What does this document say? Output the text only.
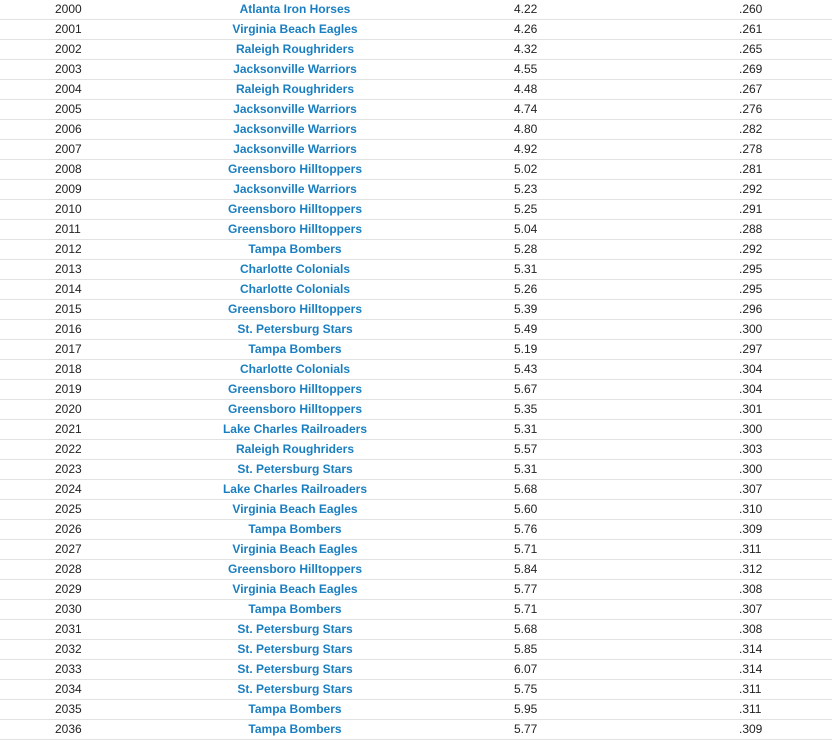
2000	Atlanta Iron Horses	4.22	.260
2001	Virginia Beach Eagles	4.26	.261
2002	Raleigh Roughriders	4.32	.265
2003	Jacksonville Warriors	4.55	.269
2004	Raleigh Roughriders	4.48	.267
2005	Jacksonville Warriors	4.74	.276
2006	Jacksonville Warriors	4.80	.282
2007	Jacksonville Warriors	4.92	.278
2008	Greensboro Hilltoppers	5.02	.281
2009	Jacksonville Warriors	5.23	.292
2010	Greensboro Hilltoppers	5.25	.291
2011	Greensboro Hilltoppers	5.04	.288
2012	Tampa Bombers	5.28	.292
2013	Charlotte Colonials	5.31	.295
2014	Charlotte Colonials	5.26	.295
2015	Greensboro Hilltoppers	5.39	.296
2016	St. Petersburg Stars	5.49	.300
2017	Tampa Bombers	5.19	.297
2018	Charlotte Colonials	5.43	.304
2019	Greensboro Hilltoppers	5.67	.304
2020	Greensboro Hilltoppers	5.35	.301
2021	Lake Charles Railroaders	5.31	.300
2022	Raleigh Roughriders	5.57	.303
2023	St. Petersburg Stars	5.31	.300
2024	Lake Charles Railroaders	5.68	.307
2025	Virginia Beach Eagles	5.60	.310
2026	Tampa Bombers	5.76	.309
2027	Virginia Beach Eagles	5.71	.311
2028	Greensboro Hilltoppers	5.84	.312
2029	Virginia Beach Eagles	5.77	.308
2030	Tampa Bombers	5.71	.307
2031	St. Petersburg Stars	5.68	.308
2032	St. Petersburg Stars	5.85	.314
2033	St. Petersburg Stars	6.07	.314
2034	St. Petersburg Stars	5.75	.311
2035	Tampa Bombers	5.95	.311
2036	Tampa Bombers	5.77	.309
